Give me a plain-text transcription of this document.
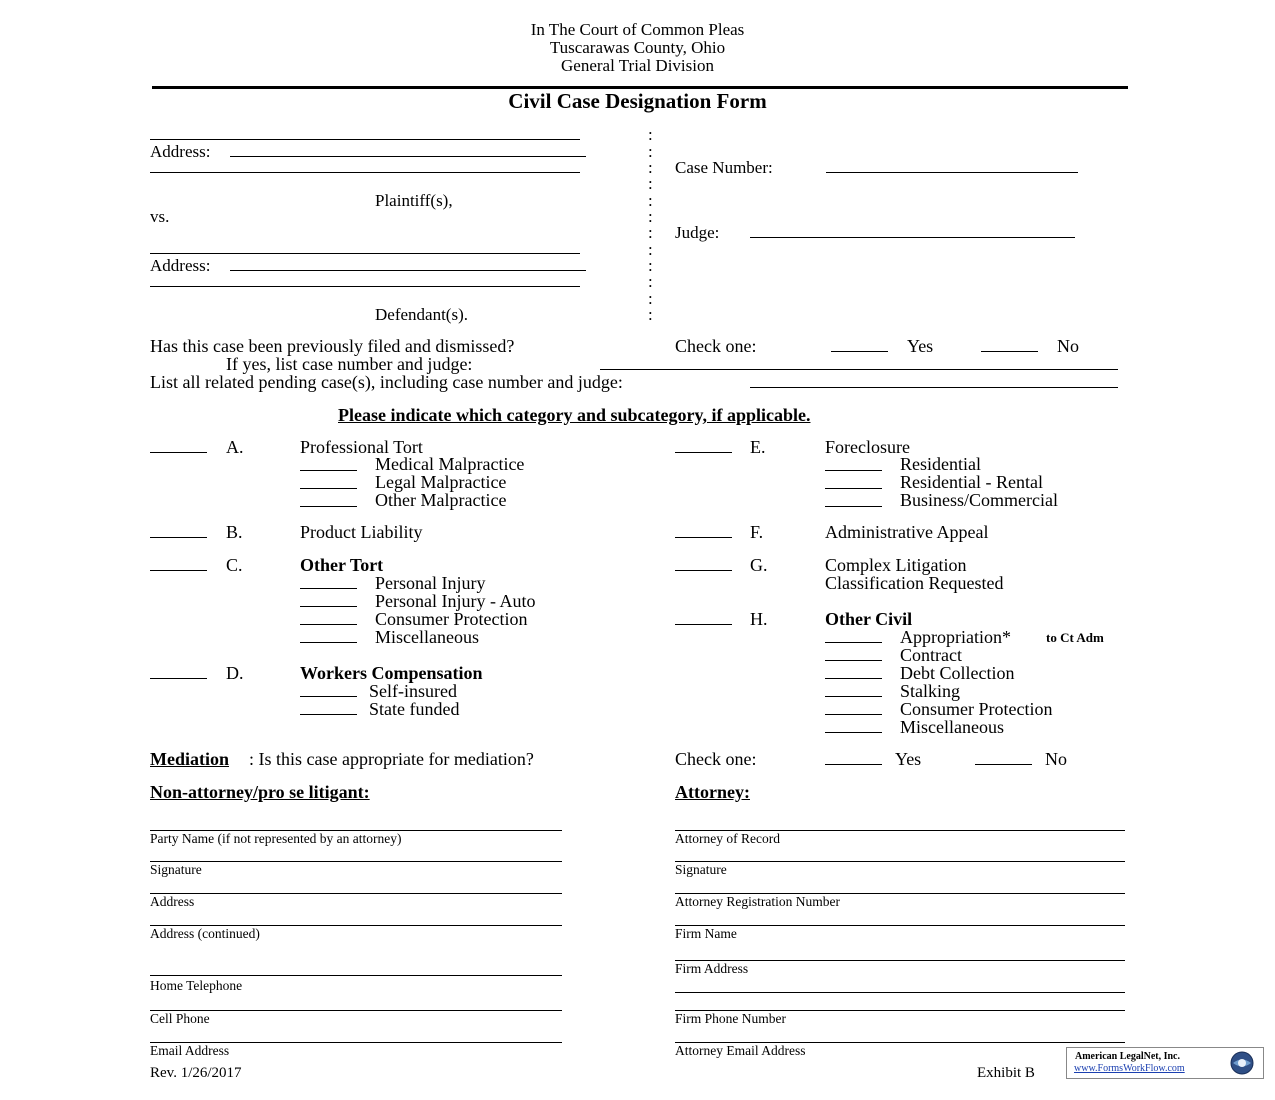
In The Court of Common Pleas
Tuscarawas County, Ohio
General Trial Division
Civil Case Designation Form
Address:
Plaintiff(s),
vs.
Address:
Defendant(s).
:
:
:
:
:
:
:
:
:
:
:
:
Case Number:
Judge:
Has this case been previously filed and dismissed?	Check one:	Yes	No
If yes, list case number and judge:
List all related pending case(s), including case number and judge:
Please indicate which category and subcategory, if applicable.
A.	Professional Tort
Medical Malpractice
Legal Malpractice
Other Malpractice
B.	Product Liability
C.	Other Tort
Personal Injury
Personal Injury - Auto
Consumer Protection
Miscellaneous
D.	Workers Compensation
Self-insured
State funded
E.	Foreclosure
Residential
Residential - Rental
Business/Commercial
F.	Administrative Appeal
G.	Complex Litigation
Classification Requested
H.	Other Civil
Appropriation*	to Ct Adm
Contract
Debt Collection
Stalking
Consumer Protection
Miscellaneous
Mediation : Is this case appropriate for mediation?	Check one:	Yes	No
Non-attorney/pro se litigant:	Attorney:
Party Name (if not represented by an attorney)
Signature
Address
Address (continued)
Home Telephone
Cell Phone
Email Address
Attorney of Record
Signature
Attorney Registration Number
Firm Name
Firm Address
Firm Phone Number
Attorney Email Address
Rev. 1/26/2017	Exhibit B
American LegalNet, Inc.
www.FormsWorkFlow.com
